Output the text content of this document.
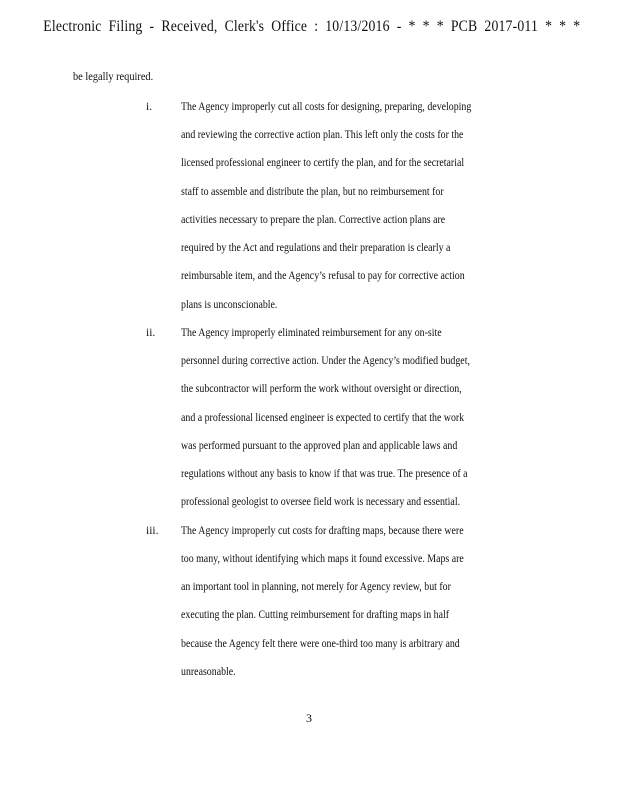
Electronic Filing - Received, Clerk's Office : 10/13/2016 - * * * PCB 2017-011 * * *
be legally required.
i.	The Agency improperly cut all costs for designing, preparing, developing
and reviewing the corrective action plan. This left only the costs for the
licensed professional engineer to certify the plan, and for the secretarial
staff to assemble and distribute the plan, but no reimbursement for
activities necessary to prepare the plan. Corrective action plans are
required by the Act and regulations and their preparation is clearly a
reimbursable item, and the Agency’s refusal to pay for corrective action
plans is unconscionable.
ii. The Agency improperly eliminated reimbursement for any on-site
personnel during corrective action. Under the Agency’s modified budget,
the subcontractor will perform the work without oversight or direction,
and a professional licensed engineer is expected to certify that the work
was performed pursuant to the approved plan and applicable laws and
regulations without any basis to know if that was true. The presence of a
professional geologist to oversee field work is necessary and essential.
iii. The Agency improperly cut costs for drafting maps, because there were
too many, without identifying which maps it found excessive. Maps are
an important tool in planning, not merely for Agency review, but for
executing the plan. Cutting reimbursement for drafting maps in half
because the Agency felt there were one-third too many is arbitrary and
unreasonable.
3
